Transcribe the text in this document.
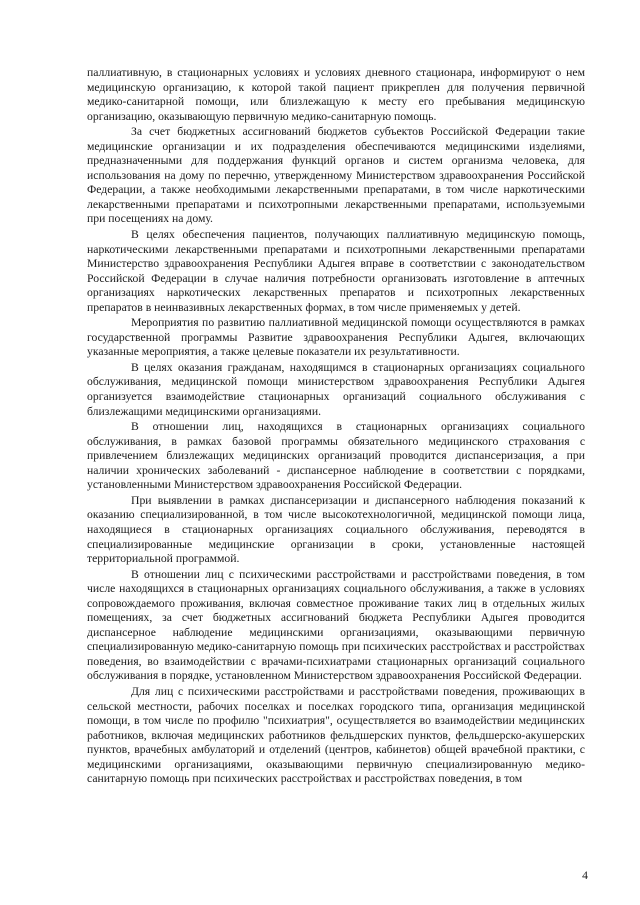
паллиативную, в стационарных условиях и условиях дневного стационара, информируют о нем медицинскую организацию, к которой такой пациент прикреплен для получения первичной медико-санитарной помощи, или близлежащую к месту его пребывания медицинскую организацию, оказывающую первичную медико-санитарную помощь.

За счет бюджетных ассигнований бюджетов субъектов Российской Федерации такие медицинские организации и их подразделения обеспечиваются медицинскими изделиями, предназначенными для поддержания функций органов и систем организма человека, для использования на дому по перечню, утвержденному Министерством здравоохранения Российской Федерации, а также необходимыми лекарственными препаратами, в том числе наркотическими лекарственными препаратами и психотропными лекарственными препаратами, используемыми при посещениях на дому.

В целях обеспечения пациентов, получающих паллиативную медицинскую помощь, наркотическими лекарственными препаратами и психотропными лекарственными препаратами Министерство здравоохранения Республики Адыгея вправе в соответствии с законодательством Российской Федерации в случае наличия потребности организовать изготовление в аптечных организациях наркотических лекарственных препаратов и психотропных лекарственных препаратов в неинвазивных лекарственных формах, в том числе применяемых у детей.

Мероприятия по развитию паллиативной медицинской помощи осуществляются в рамках государственной программы Развитие здравоохранения Республики Адыгея, включающих указанные мероприятия, а также целевые показатели их результативности.

В целях оказания гражданам, находящимся в стационарных организациях социального обслуживания, медицинской помощи министерством здравоохранения Республики Адыгея организуется взаимодействие стационарных организаций социального обслуживания с близлежащими медицинскими организациями.

В отношении лиц, находящихся в стационарных организациях социального обслуживания, в рамках базовой программы обязательного медицинского страхования с привлечением близлежащих медицинских организаций проводится диспансеризация, а при наличии хронических заболеваний - диспансерное наблюдение в соответствии с порядками, установленными Министерством здравоохранения Российской Федерации.

При выявлении в рамках диспансеризации и диспансерного наблюдения показаний к оказанию специализированной, в том числе высокотехнологичной, медицинской помощи лица, находящиеся в стационарных организациях социального обслуживания, переводятся в специализированные медицинские организации в сроки, установленные настоящей территориальной программой.

В отношении лиц с психическими расстройствами и расстройствами поведения, в том числе находящихся в стационарных организациях социального обслуживания, а также в условиях сопровождаемого проживания, включая совместное проживание таких лиц в отдельных жилых помещениях, за счет бюджетных ассигнований бюджета Республики Адыгея проводится диспансерное наблюдение медицинскими организациями, оказывающими первичную специализированную медико-санитарную помощь при психических расстройствах и расстройствах поведения, во взаимодействии с врачами-психиатрами стационарных организаций социального обслуживания в порядке, установленном Министерством здравоохранения Российской Федерации.

Для лиц с психическими расстройствами и расстройствами поведения, проживающих в сельской местности, рабочих поселках и поселках городского типа, организация медицинской помощи, в том числе по профилю "психиатрия", осуществляется во взаимодействии медицинских работников, включая медицинских работников фельдшерских пунктов, фельдшерско-акушерских пунктов, врачебных амбулаторий и отделений (центров, кабинетов) общей врачебной практики, с медицинскими организациями, оказывающими первичную специализированную медико-санитарную помощь при психических расстройствах и расстройствах поведения, в том

4
